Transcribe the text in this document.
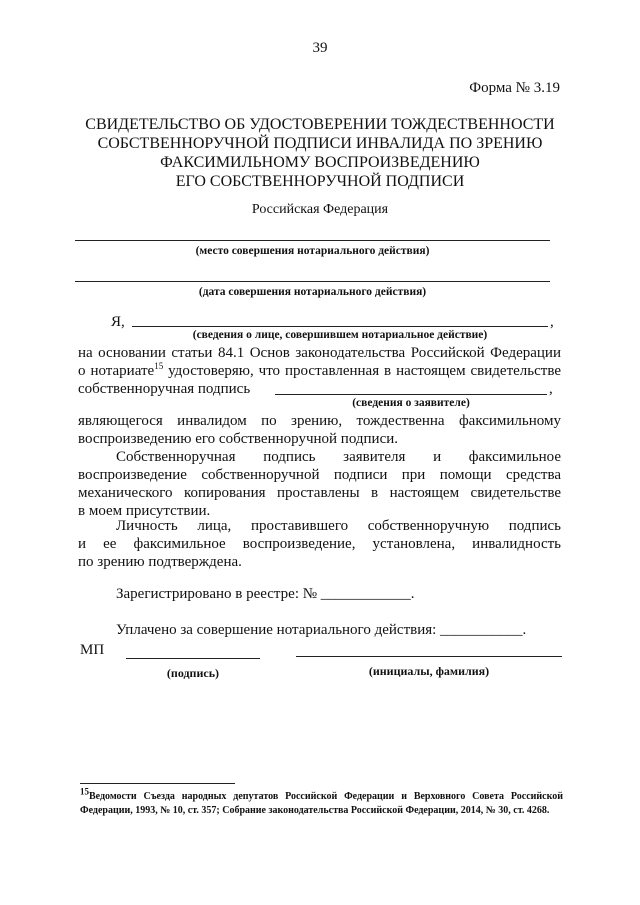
39
Форма № 3.19
СВИДЕТЕЛЬСТВО ОБ УДОСТОВЕРЕНИИ ТОЖДЕСТВЕННОСТИ
СОБСТВЕННОРУЧНОЙ ПОДПИСИ ИНВАЛИДА ПО ЗРЕНИЮ
ФАКСИМИЛЬНОМУ ВОСПРОИЗВЕДЕНИЮ
ЕГО СОБСТВЕННОРУЧНОЙ ПОДПИСИ
Российская Федерация
(место совершения нотариального действия)
(дата совершения нотариального действия)
Я,	,
(сведения о лице, совершившем нотариальное действие)
на основании статьи 84.1 Основ законодательства Российской Федерации
о нотариате$^{15}$ удостоверяю, что проставленная в настоящем свидетельстве
собственноручная подпись	,
(сведения о заявителе)
являющегося инвалидом по зрению, тождественна факсимильному
воспроизведению его собственноручной подписи.
Собственноручная подпись заявителя и факсимильное
воспроизведение собственноручной подписи при помощи средства
механического копирования проставлены в настоящем свидетельстве
в моем присутствии.
Личность лица, проставившего собственноручную подпись
и ее факсимильное воспроизведение, установлена, инвалидность
по зрению подтверждена.
Зарегистрировано в реестре: № ____________.
Уплачено за совершение нотариального действия: ___________.
МП
(подпись)	(инициалы, фамилия)
$^{15}$Ведомости Съезда народных депутатов Российской Федерации и Верховного Совета Российской Федерации, 1993, № 10, ст. 357; Собрание законодательства Российской Федерации, 2014, № 30, ст. 4268.
